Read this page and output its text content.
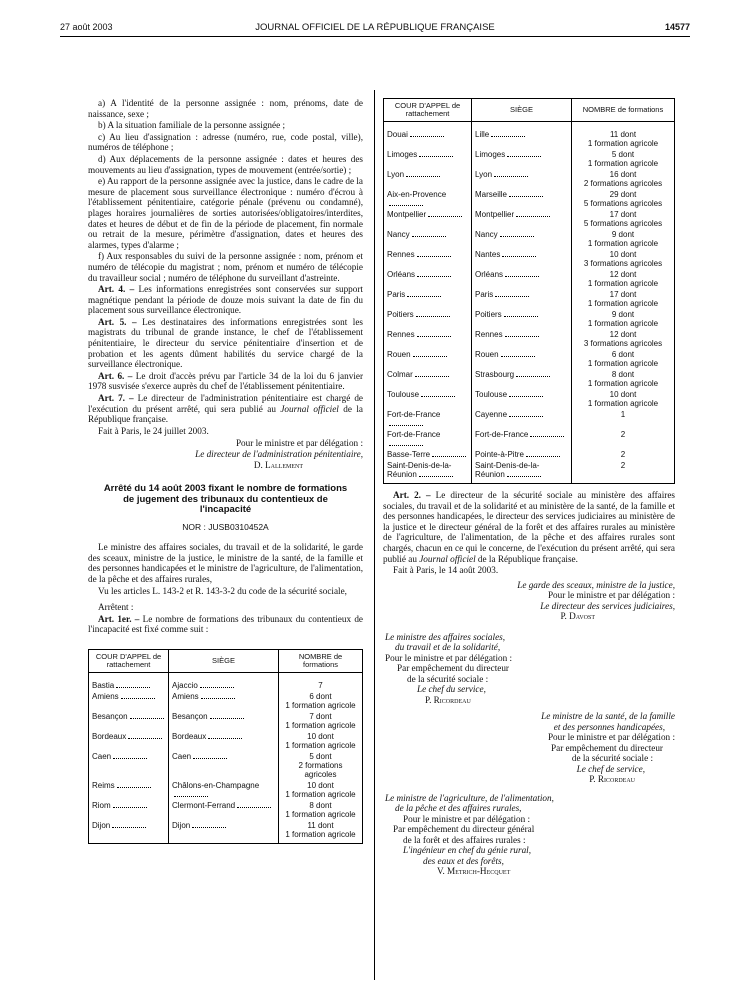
27 août 2003	JOURNAL OFFICIEL DE LA RÉPUBLIQUE FRANÇAISE	14577

a) A l'identité de la personne assignée : nom, prénoms, date de naissance, sexe ;

b) A la situation familiale de la personne assignée ;

c) Au lieu d'assignation : adresse (numéro, rue, code postal, ville), numéros de téléphone ;

d) Aux déplacements de la personne assignée : dates et heures des mouvements au lieu d'assignation, types de mouvement (entrée/sortie) ;

e) Au rapport de la personne assignée avec la justice, dans le cadre de la mesure de placement sous surveillance électronique : numéro d'écrou à l'établissement pénitentiaire, catégorie pénale (prévenu ou condamné), plages horaires journalières de sorties autorisées/obligatoires/interdites, dates et heures de début et de fin de la période de placement, fin normale ou retrait de la mesure, périmètre d'assignation, dates et heures des alarmes, types d'alarme ;

f) Aux responsables du suivi de la personne assignée : nom, prénom et numéro de télécopie du magistrat ; nom, prénom et numéro de télécopie du travailleur social ; numéro de téléphone du surveillant d'astreinte.

Art. 4. – Les informations enregistrées sont conservées sur support magnétique pendant la période de douze mois suivant la date de fin du placement sous surveillance électronique.

Art. 5. – Les destinataires des informations enregistrées sont les magistrats du tribunal de grande instance, le chef de l'établissement pénitentiaire, le directeur du service pénitentiaire d'insertion et de probation et les agents dûment habilités du service chargé de la surveillance électronique.

Art. 6. – Le droit d'accès prévu par l'article 34 de la loi du 6 janvier 1978 susvisée s'exerce auprès du chef de l'établissement pénitentiaire.

Art. 7. – Le directeur de l'administration pénitentiaire est chargé de l'exécution du présent arrêté, qui sera publié au Journal officiel de la République française.

Fait à Paris, le 24 juillet 2003.

Pour le ministre et par délégation :
Le directeur de l'administration pénitentiaire,
D. Lallement
Arrêté du 14 août 2003 fixant le nombre de formations de jugement des tribunaux du contentieux de l'incapacité
NOR : JUSB0310452A

Le ministre des affaires sociales, du travail et de la solidarité, le garde des sceaux, ministre de la justice, le ministre de la santé, de la famille et des personnes handicapées et le ministre de l'agriculture, de l'alimentation, de la pêche et des affaires rurales,

Vu les articles L. 143-2 et R. 143-3-2 du code de la sécurité sociale,

Arrêtent :

Art. 1er. – Le nombre de formations des tribunaux du contentieux de l'incapacité est fixé comme suit :

COUR D'APPEL de rattachement	SIÈGE	NOMBRE de formations
Bastia	Ajaccio	7

Amiens	Amiens	6 dont
1 formation agricole

Besançon	Besançon	7 dont
1 formation agricole

Bordeaux	Bordeaux	10 dont
1 formation agricole

Caen	Caen	5 dont
2 formations agricoles

Reims	Châlons-en-Champagne	10 dont
1 formation agricole

Riom	Clermont-Ferrand	8 dont
1 formation agricole

Dijon	Dijon	11 dont
1 formation agricole
COUR D'APPEL de rattachement	SIÈGE	NOMBRE de formations
Douai	Lille	11 dont
1 formation agricole

Limoges	Limoges	5 dont
1 formation agricole

Lyon	Lyon	16 dont
2 formations agricoles

Aix-en-Provence	Marseille	29 dont
5 formations agricoles

Montpellier	Montpellier	17 dont
5 formations agricoles

Nancy	Nancy	9 dont
1 formation agricole

Rennes	Nantes	10 dont
3 formations agricoles

Orléans	Orléans	12 dont
1 formation agricole

Paris	Paris	17 dont
1 formation agricole

Poitiers	Poitiers	9 dont
1 formation agricole

Rennes	Rennes	12 dont
3 formations agricoles

Rouen	Rouen	6 dont
1 formation agricole

Colmar	Strasbourg	8 dont
1 formation agricole

Toulouse	Toulouse	10 dont
1 formation agricole

Fort-de-France	Cayenne	1

Fort-de-France	Fort-de-France	2

Basse-Terre	Pointe-à-Pitre	2

Saint-Denis-de-la-Réunion	Saint-Denis-de-la-Réunion	2

Art. 2. – Le directeur de la sécurité sociale au ministère des affaires sociales, du travail et de la solidarité et au ministère de la santé, de la famille et des personnes handicapées, le directeur des services judiciaires au ministère de la justice et le directeur général de la forêt et des affaires rurales au ministère de l'agriculture, de l'alimentation, de la pêche et des affaires rurales sont chargés, chacun en ce qui le concerne, de l'exécution du présent arrêté, qui sera publié au Journal officiel de la République française.

Fait à Paris, le 14 août 2003.

Le garde des sceaux, ministre de la justice,
Pour le ministre et par délégation :
Le directeur des services judiciaires,
P. Davost
Le ministre des affaires sociales,
du travail et de la solidarité,
Pour le ministre et par délégation :
Par empêchement du directeur
de la sécurité sociale :
Le chef du service,
P. Ricordeau
Le ministre de la santé, de la famille
et des personnes handicapées,
Pour le ministre et par délégation :
Par empêchement du directeur
de la sécurité sociale :
Le chef de service,
P. Ricordeau
Le ministre de l'agriculture, de l'alimentation,
de la pêche et des affaires rurales,
Pour le ministre et par délégation :
Par empêchement du directeur général
de la forêt et des affaires rurales :
L'ingénieur en chef du génie rural,
des eaux et des forêts,
V. Metrich-Hecquet
